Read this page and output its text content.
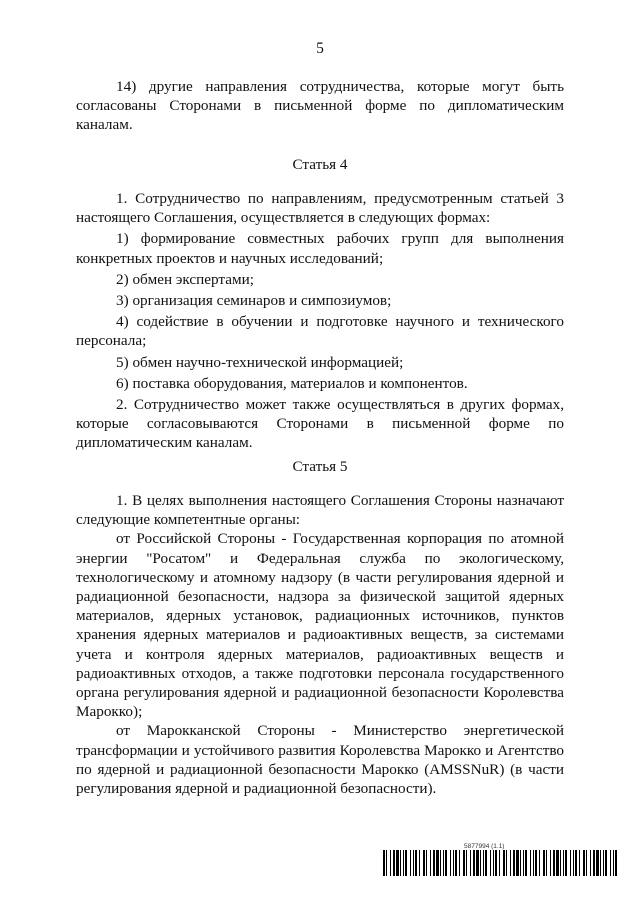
5

14) другие направления сотрудничества, которые могут быть согласованы Сторонами в письменной форме по дипломатическим каналам.

Статья 4

1. Сотрудничество по направлениям, предусмотренным статьей 3 настоящего Соглашения, осуществляется в следующих формах:

1) формирование совместных рабочих групп для выполнения конкретных проектов и научных исследований;

2) обмен экспертами;

3) организация семинаров и симпозиумов;

4) содействие в обучении и подготовке научного и технического персонала;

5) обмен научно-технической информацией;

6) поставка оборудования, материалов и компонентов.

2. Сотрудничество может также осуществляться в других формах, которые согласовываются Сторонами в письменной форме по дипломатическим каналам.

Статья 5

1. В целях выполнения настоящего Соглашения Стороны назначают следующие компетентные органы:

от Российской Стороны - Государственная корпорация по атомной энергии "Росатом" и Федеральная служба по экологическому, технологическому и атомному надзору (в части регулирования ядерной и радиационной безопасности, надзора за физической защитой ядерных материалов, ядерных установок, радиационных источников, пунктов хранения ядерных материалов и радиоактивных веществ, за системами учета и контроля ядерных материалов, радиоактивных веществ и радиоактивных отходов, а также подготовки персонала государственного органа регулирования ядерной и радиационной безопасности Королевства Марокко);

от Марокканской Стороны - Министерство энергетической трансформации и устойчивого развития Королевства Марокко и Агентство по ядерной и радиационной безопасности Марокко (AMSSNuR) (в части регулирования ядерной и радиационной безопасности).

5877994 (1.1)
